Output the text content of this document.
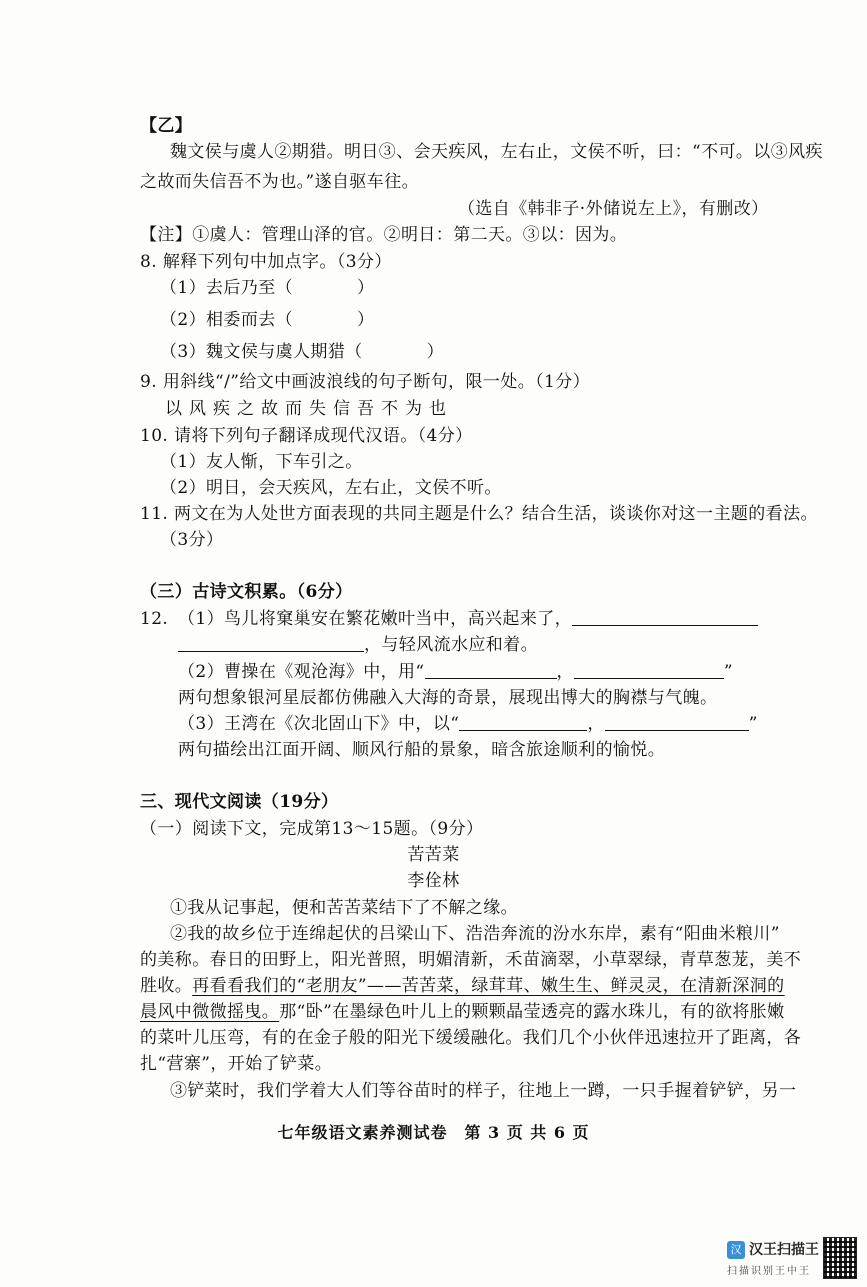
【乙】
魏文侯与虞人②期猎。明日③、会天疾风，左右止，文侯不听，曰：“不可。以③风疾
之故而失信吾不为也。”遂自驱车往。
（选自《韩非子·外储说左上》，有删改）
【注】①虞人：管理山泽的官。②明日：第二天。③以：因为。
8. 解释下列句中加点字。（3分）
（1）去后乃至（	）
（2）相委而去（	）
（3）魏文侯与虞人期猎（	）
9. 用斜线“/”给文中画波浪线的句子断句，限一处。（1分）
以风疾之故而失信吾不为也
10. 请将下列句子翻译成现代汉语。（4分）
（1）友人惭，下车引之。
（2）明日，会天疾风，左右止，文侯不听。
11. 两文在为人处世方面表现的共同主题是什么？结合生活，谈谈你对这一主题的看法。
（3分）
（三）古诗文积累。（6分）
12. （1）鸟儿将窠巢安在繁花嫩叶当中，高兴起来了，
，与轻风流水应和着。
（2）曹操在《观沧海》中，用“	，	”
两句想象银河星辰都仿佛融入大海的奇景，展现出博大的胸襟与气魄。
（3）王湾在《次北固山下》中，以“	，	”
两句描绘出江面开阔、顺风行船的景象，暗含旅途顺利的愉悦。
三、现代文阅读（19分）
（一）阅读下文，完成第13～15题。（9分）
苦苦菜
李佺林
①我从记事起，便和苦苦菜结下了不解之缘。
②我的故乡位于连绵起伏的吕梁山下、浩浩奔流的汾水东岸，素有“阳曲米粮川”
的美称。春日的田野上，阳光普照，明媚清新，禾苗滴翠，小草翠绿，青草葱茏，美不
胜收。再看看我们的“老朋友”——苦苦菜，绿茸茸、嫩生生、鲜灵灵，在清新深洞的
晨风中微微摇曳。那“卧”在墨绿色叶儿上的颗颗晶莹透亮的露水珠儿，有的欲将胀嫩
的菜叶儿压弯，有的在金子般的阳光下缓缓融化。我们几个小伙伴迅速拉开了距离，各
扎“营寨”，开始了铲菜。
③铲菜时，我们学着大人们等谷苗时的样子，往地上一蹲，一只手握着铲铲，另一
七年级语文素养测试卷　第 3 页 共 6 页
汉 汉王扫描王
扫描识别王中王
